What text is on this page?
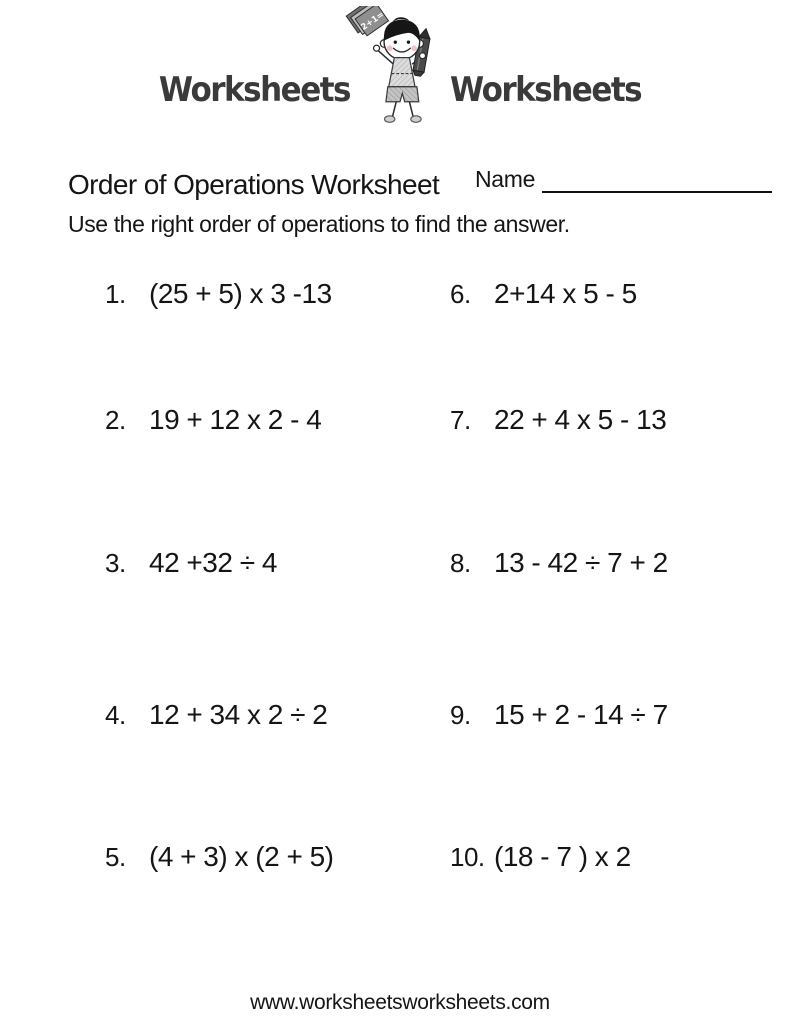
Worksheets
2+1=
Worksheets
Order of Operations Worksheet Name
Use the right order of operations to find the answer.
1. (25 + 5) x 3 -13
2. 19 + 12 x 2 - 4
3. 42 +32 ÷ 4
4. 12 + 34 x 2 ÷ 2
5. (4 + 3) x (2 + 5)
6. 2+14 x 5 - 5
7. 22 + 4 x 5 - 13
8. 13 - 42 ÷ 7 + 2
9. 15 + 2 - 14 ÷ 7
10. (18 - 7 ) x 2
www.worksheetsworksheets.com
